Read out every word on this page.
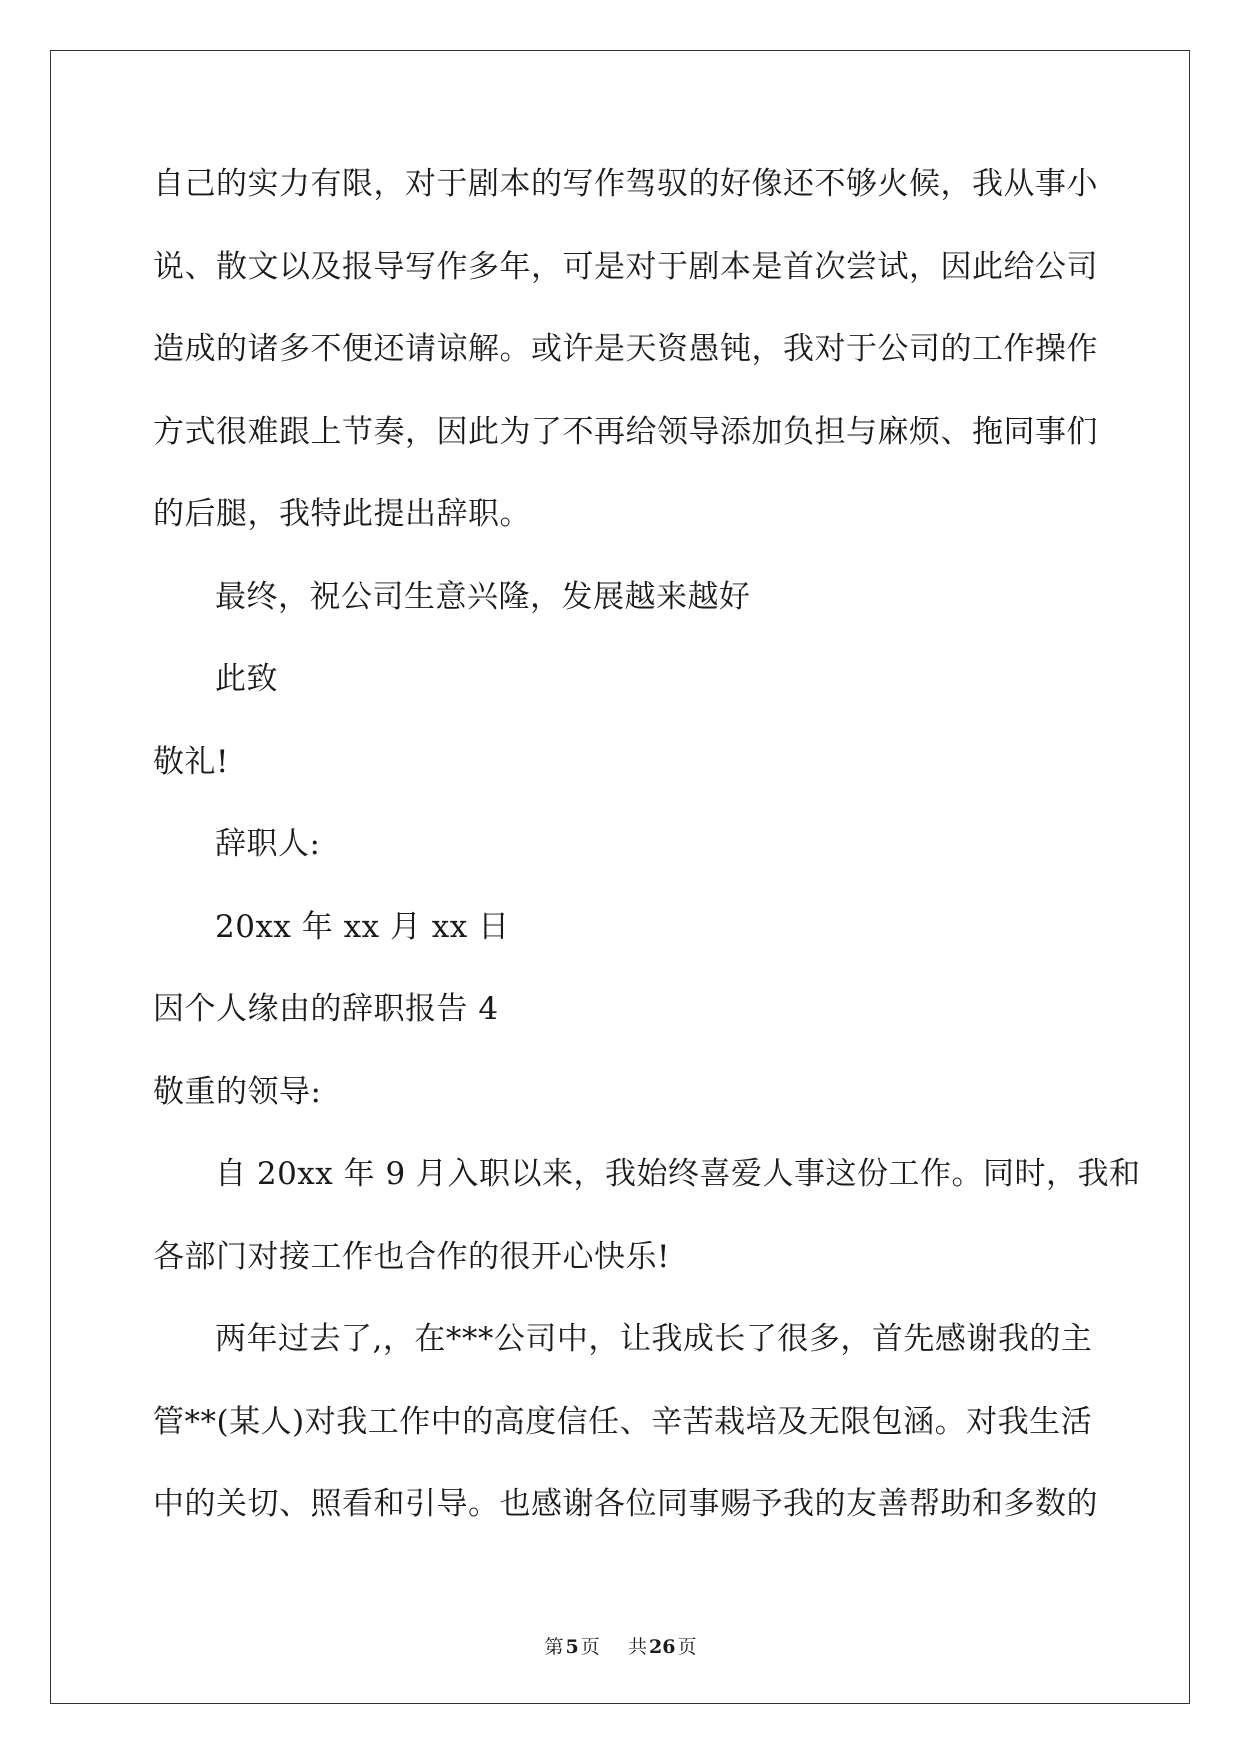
自己的实力有限，对于剧本的写作驾驭的好像还不够火候，我从事小
说、散文以及报导写作多年，可是对于剧本是首次尝试，因此给公司
造成的诸多不便还请谅解。或许是天资愚钝，我对于公司的工作操作
方式很难跟上节奏，因此为了不再给领导添加负担与麻烦、拖同事们
的后腿，我特此提出辞职。
最终，祝公司生意兴隆，发展越来越好
此致
敬礼!
辞职人:
20xx 年 xx 月 xx 日
因个人缘由的辞职报告 4
敬重的领导:
自 20xx 年 9 月入职以来，我始终喜爱人事这份工作。同时，我和
各部门对接工作也合作的很开心快乐!
两年过去了,，在***公司中，让我成长了很多，首先感谢我的主
管**(某人)对我工作中的高度信任、辛苦栽培及无限包涵。对我生活
中的关切、照看和引导。也感谢各位同事赐予我的友善帮助和多数的
第 5 页 共 26 页
